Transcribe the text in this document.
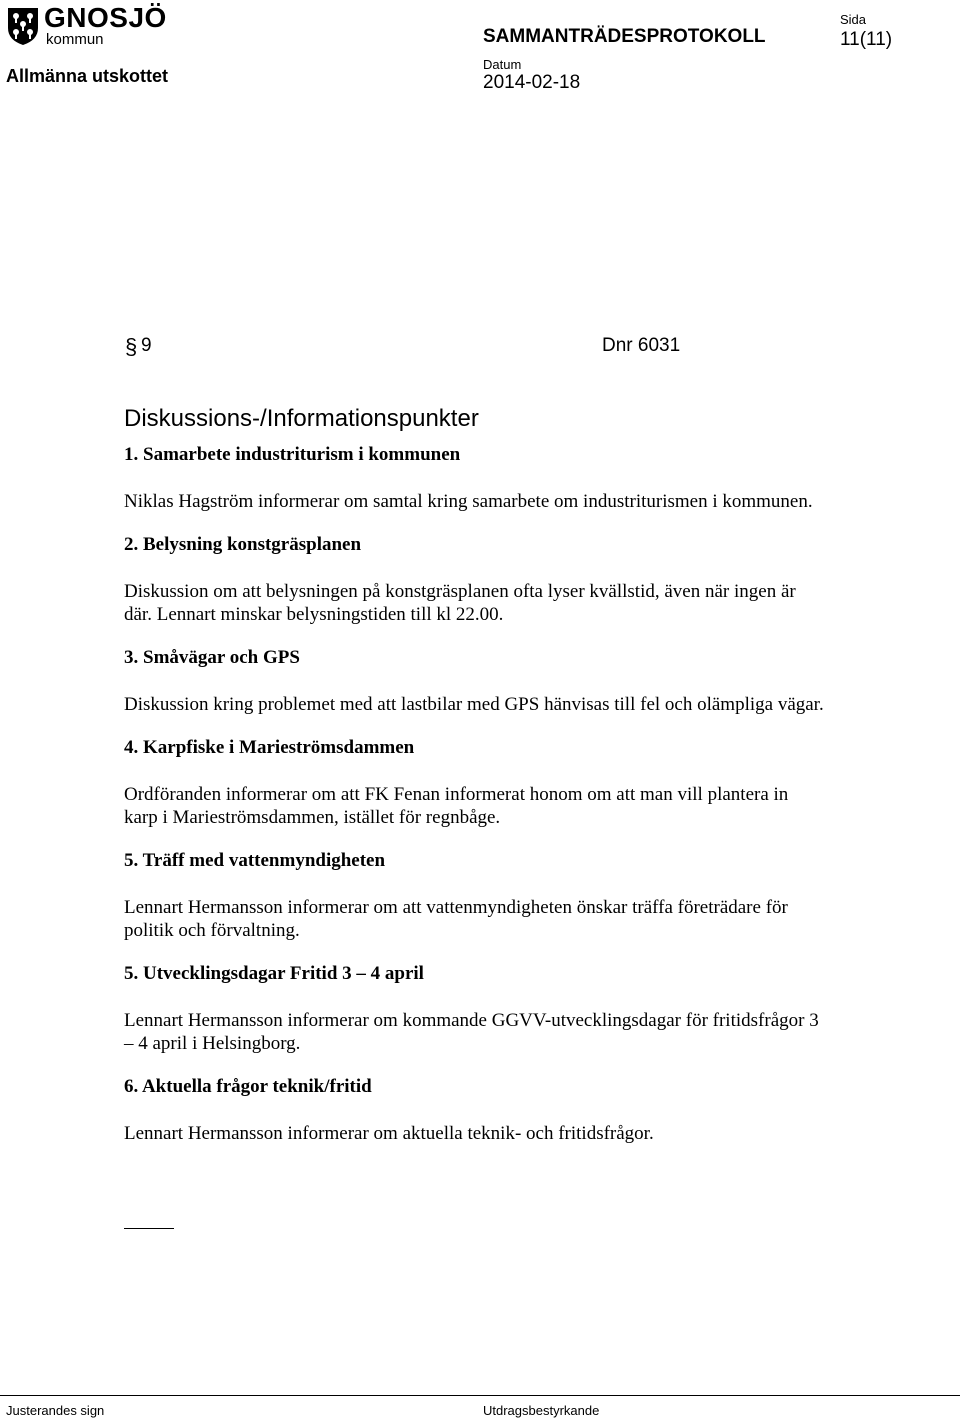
GNOSJÖ
kommun
Allmänna utskottet
SAMMANTRÄDESPROTOKOLL
Sida
11(11)
Datum
2014-02-18
§ 9	Dnr 6031
Diskussions-/Informationspunkter

1. Samarbete industriturism i kommunen

Niklas Hagström informerar om samtal kring samarbete om industriturismen i kommunen.

2. Belysning konstgräsplanen

Diskussion om att belysningen på konstgräsplanen ofta lyser kvällstid, även när ingen är där. Lennart minskar belysningstiden till kl 22.00.

3. Småvägar och GPS

Diskussion kring problemet med att lastbilar med GPS hänvisas till fel och olämpliga vägar.

4. Karpfiske i Marieströmsdammen

Ordföranden informerar om att FK Fenan informerat honom om att man vill plantera in karp i Marieströmsdammen, istället för regnbåge.

5. Träff med vattenmyndigheten

Lennart Hermansson informerar om att vattenmyndigheten önskar träffa företrädare för politik och förvaltning.

5. Utvecklingsdagar Fritid 3 – 4 april

Lennart Hermansson informerar om kommande GGVV-utvecklingsdagar för fritidsfrågor 3 – 4 april i Helsingborg.

6. Aktuella frågor teknik/fritid

Lennart Hermansson informerar om aktuella teknik- och fritidsfrågor.

Justerandes sign	Utdragsbestyrkande
